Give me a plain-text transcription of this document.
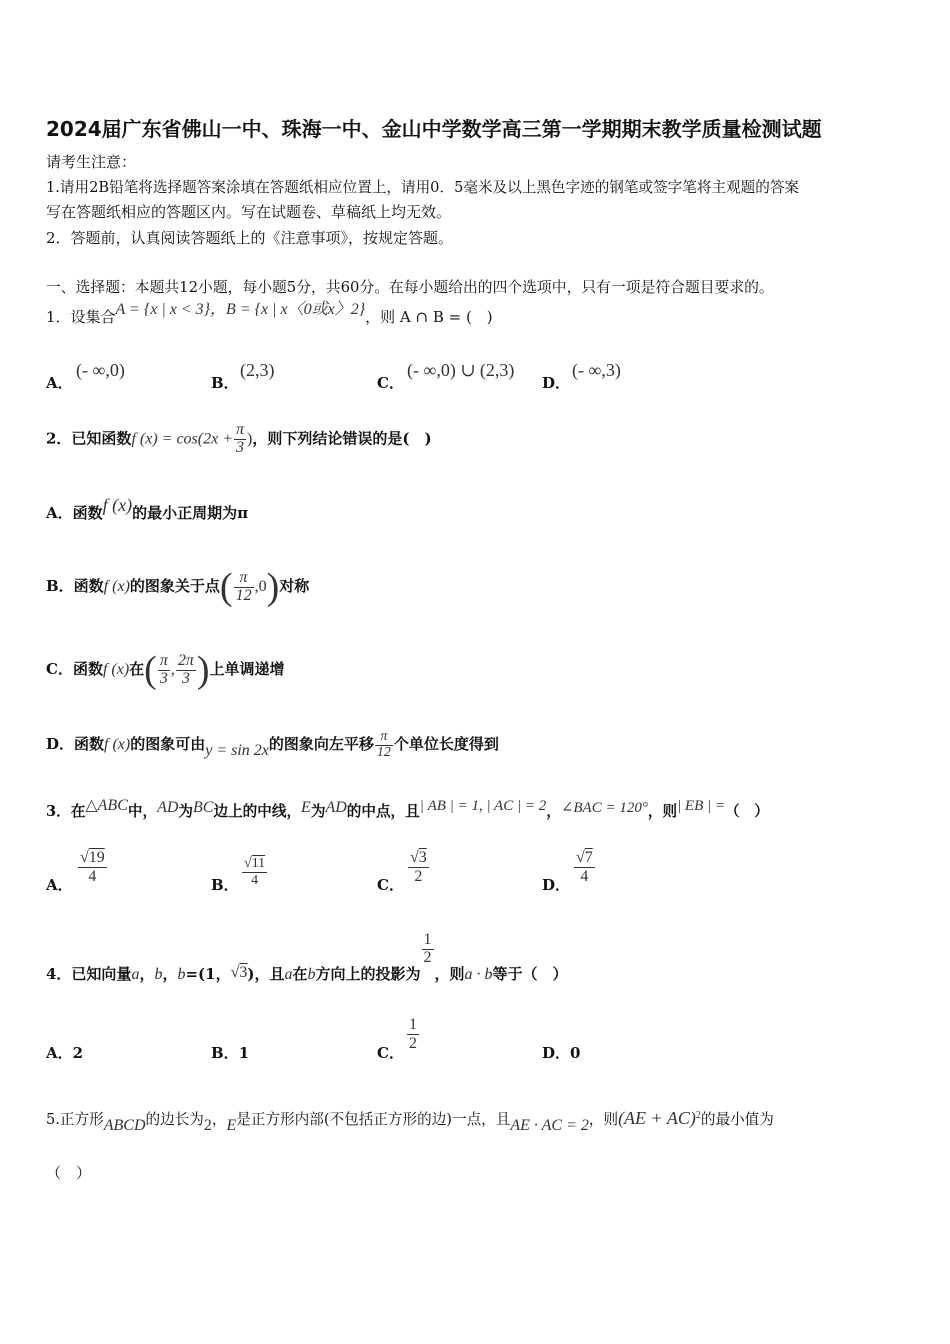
2024届广东省佛山一中、珠海一中、金山中学数学高三第一学期期末教学质量检测试题
请考生注意：
1.请用2B铅笔将选择题答案涂填在答题纸相应位置上，请用0．5毫米及以上黑色字迹的钢笔或签字笔将主观题的答案
写在答题纸相应的答题区内。写在试题卷、草稿纸上均无效。
2．答题前，认真阅读答题纸上的《注意事项》，按规定答题。
一、选择题：本题共12小题，每小题5分，共60分。在每小题给出的四个选项中，只有一项是符合题目要求的。
1．设集合A = {x | x < 3}，B = {x | x〈0或x〉2}，则 A ∩ B = (　)
A．
(- ∞,0)
B．
(2,3)
C．
(- ∞,0) ∪ (2,3)
D．
(- ∞,3)
2．已知函数f $(x) = \cos(2x + \frac{\pi}{3}$ )，则下列结论错误的是(　)
A．函数f (x)的最小正周期为π
B．函数f (x)的图象关于点( $\frac{\pi}{12} ,0$)对称
C．函数f (x)在( $\frac{\pi}{3}$ , $\frac{2\pi}{3}$ )上单调递增
D．函数f (x)的图象可由y = sin 2x的图象向左平移 $\frac{\pi}{12}$ 个单位长度得到
3．在△ABC中，AD为BC边上的中线，E为AD的中点，且| AB | = 1, | AC | = 2，∠BAC = 120°，则| EB | =（　）
A．
√19
4	B．
√11
4	C．
√3
2	D．
√7
4
4．已知向量a，b，b=(1，√3)，且a在b方向上的投影为
$\frac{1}{2}$
，则a · b等于（　）
A．2	B．1	C． $\frac{1}{2}$	D．0
5.正方形ABCD的边长为2，E是正方形内部(不包括正方形的边)一点，且AE · AC = 2，则(AE + AC)$^2$的最小值为
（　）
